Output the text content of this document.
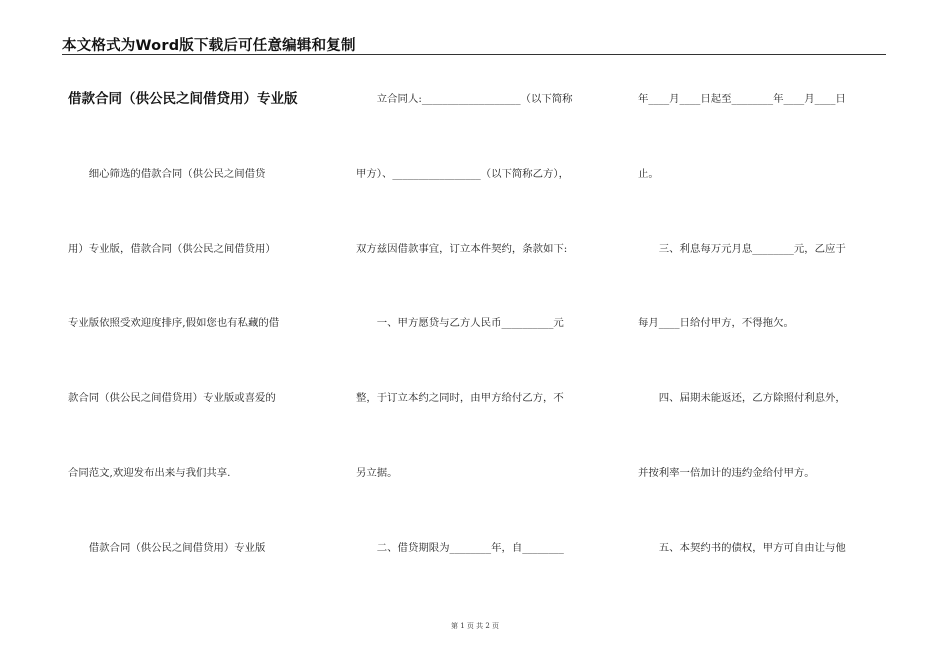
本文格式为Word版下载后可任意编辑和复制
借款合同（供公民之间借贷用）专业版
　　细心筛选的借款合同（供公民之间借贷
用）专业版，借款合同（供公民之间借贷用）
专业版依照受欢迎度排序,假如您也有私藏的借
款合同（供公民之间借贷用）专业版或喜爱的
合同范文,欢迎发布出来与我们共享.
　　借款合同（供公民之间借贷用）专业版
　　立合同人:___________________（以下简称
甲方）、_________________（以下简称乙方），
双方兹因借款事宜，订立本件契约，条款如下:
　　一、甲方愿贷与乙方人民币__________元
整，于订立本约之同时，由甲方给付乙方，不
另立据。
　　二、借贷期限为________年，自________
年____月____日起至________年____月____日
止。
　　三、利息每万元月息________元，乙应于
每月____日给付甲方，不得拖欠。
　　四、届期未能返还，乙方除照付利息外，
并按利率一倍加计的违约金给付甲方。
　　五、本契约书的债权，甲方可自由让与他
第 1 页 共 2 页
